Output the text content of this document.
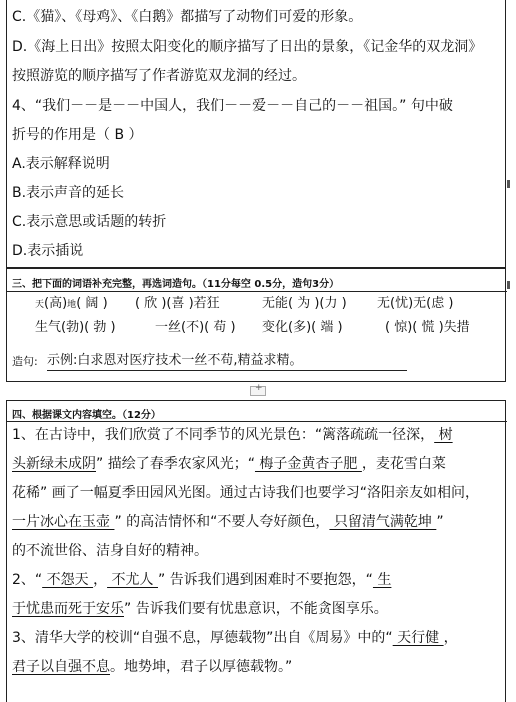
C.《猫》、《母鸡》、《白鹅》都描写了动物们可爱的形象。
D.《海上日出》按照太阳变化的顺序描写了日出的景象，《记金华的双龙洞》
按照游览的顺序描写了作者游览双龙洞的经过。
4、“我们－－是－－中国人，我们－－爱－－自己的－－祖国。” 句中破
折号的作用是（ B ）
A.表示解释说明
B.表示声音的延长
C.表示意思或话题的转折
D.表示插说
三、把下面的词语补充完整，再选词造句。（11分每空 0.5分，造句3分）
天(高)地( 阔 ) ( 欣 )(喜 )若狂	无能( 为 )(力 ) 无(忧)无(虑 )
生气(勃)( 勃 )	一丝(不)( 苟 ) 变化(多)( 端 )	( 惊)( 慌 )失措
造句: 示例:白求恩对医疗技术一丝不苟,精益求精。
+
四、根据课文内容填空。（12分）
1、在古诗中，我们欣赏了不同季节的风光景色：“篱落疏疏一径深， 树
头新绿未成阴” 描绘了春季农家风光；“ 梅子金黄杏子肥 ，麦花雪白菜
花稀” 画了一幅夏季田园风光图。通过古诗我们也要学习“洛阳亲友如相问，
一片冰心在玉壶 ” 的高洁情怀和“不要人夸好颜色， 只留清气满乾坤 ”
的不流世俗、洁身自好的精神。
2、“ 不怨天 ， 不尤人 ” 告诉我们遇到困难时不要抱怨，“ 生
于忧患而死于安乐” 告诉我们要有忧患意识，不能贪图享乐。
3、清华大学的校训“自强不息，厚德载物”出自《周易》中的“ 天行健 ，
君子以自强不息。地势坤，君子以厚德载物。”
